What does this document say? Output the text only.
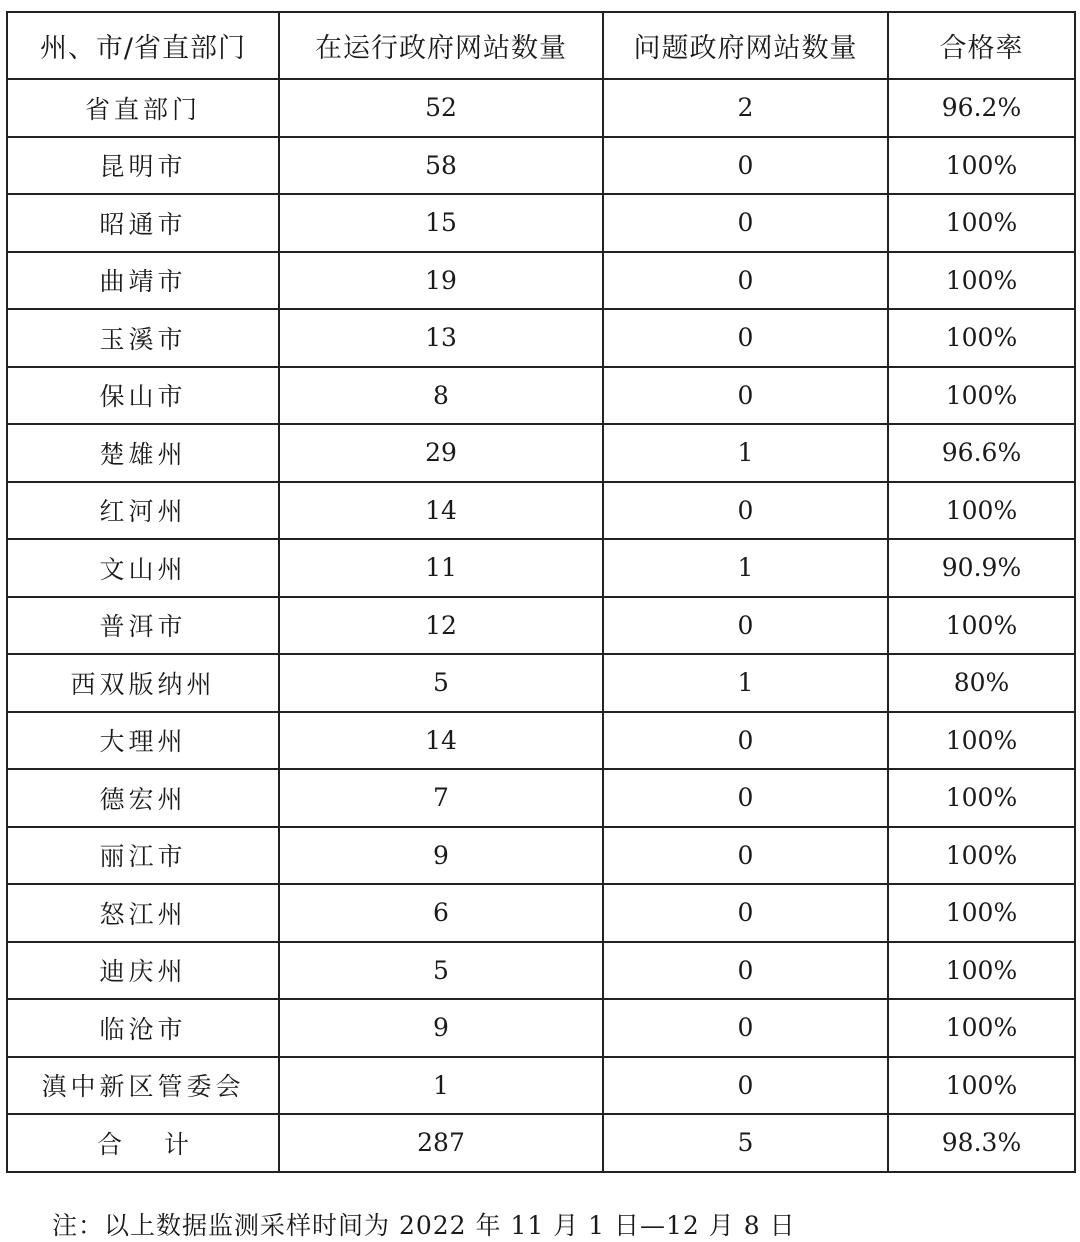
州、市/省直部门	在运行政府网站数量	问题政府网站数量	合格率
省直部门	52	2	96.2%
昆明市	58	0	100%
昭通市	15	0	100%
曲靖市	19	0	100%
玉溪市	13	0	100%
保山市	8	0	100%
楚雄州	29	1	96.6%
红河州	14	0	100%
文山州	11	1	90.9%
普洱市	12	0	100%
西双版纳州	5	1	80%
大理州	14	0	100%
德宏州	7	0	100%
丽江市	9	0	100%
怒江州	6	0	100%
迪庆州	5	0	100%
临沧市	9	0	100%
滇中新区管委会	1	0	100%
合 计	287	5	98.3%
注：以上数据监测采样时间为 2022 年 11 月 1 日—12 月 8 日
